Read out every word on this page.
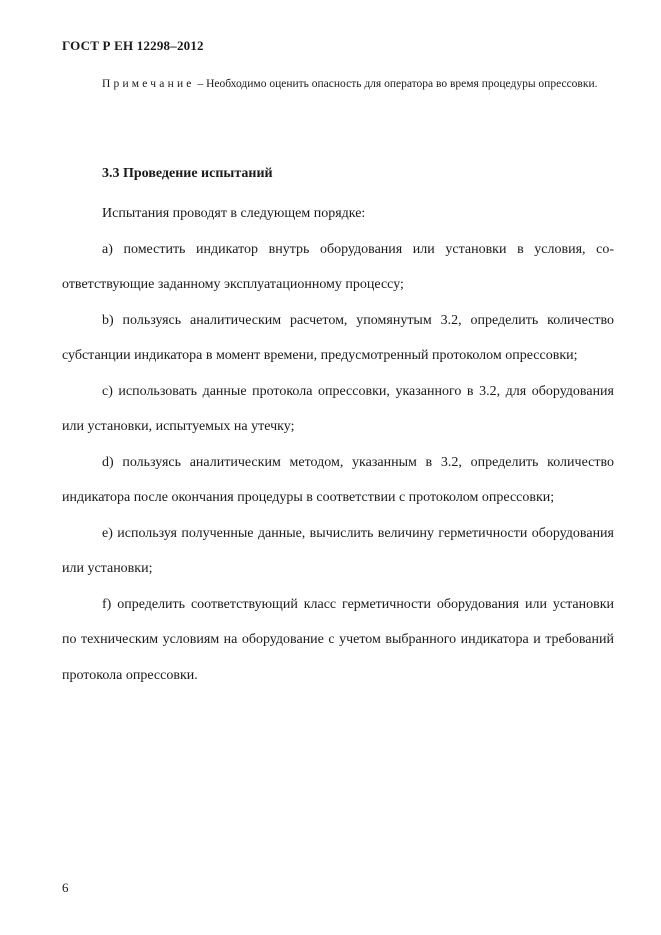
ГОСТ Р ЕН 12298–2012
Примечание – Необходимо оценить опасность для оператора во время процедуры опрессовки.
3.3 Проведение испытаний

Испытания проводят в следующем порядке:

a) поместить индикатор внутрь оборудования или установки в условия, соответствующие заданному эксплуатационному процессу;

b) пользуясь аналитическим расчетом, упомянутым 3.2, определить количество субстанции индикатора в момент времени, предусмотренный протоколом опрессовки;

c) использовать данные протокола опрессовки, указанного в 3.2, для оборудования или установки, испытуемых на утечку;

d) пользуясь аналитическим методом, указанным в 3.2, определить количество индикатора после окончания процедуры в соответствии с протоколом опрессовки;

e) используя полученные данные, вычислить величину герметичности оборудования или установки;

f) определить соответствующий класс герметичности оборудования или установки по техническим условиям на оборудование с учетом выбранного индикатора и требований протокола опрессовки.

6
